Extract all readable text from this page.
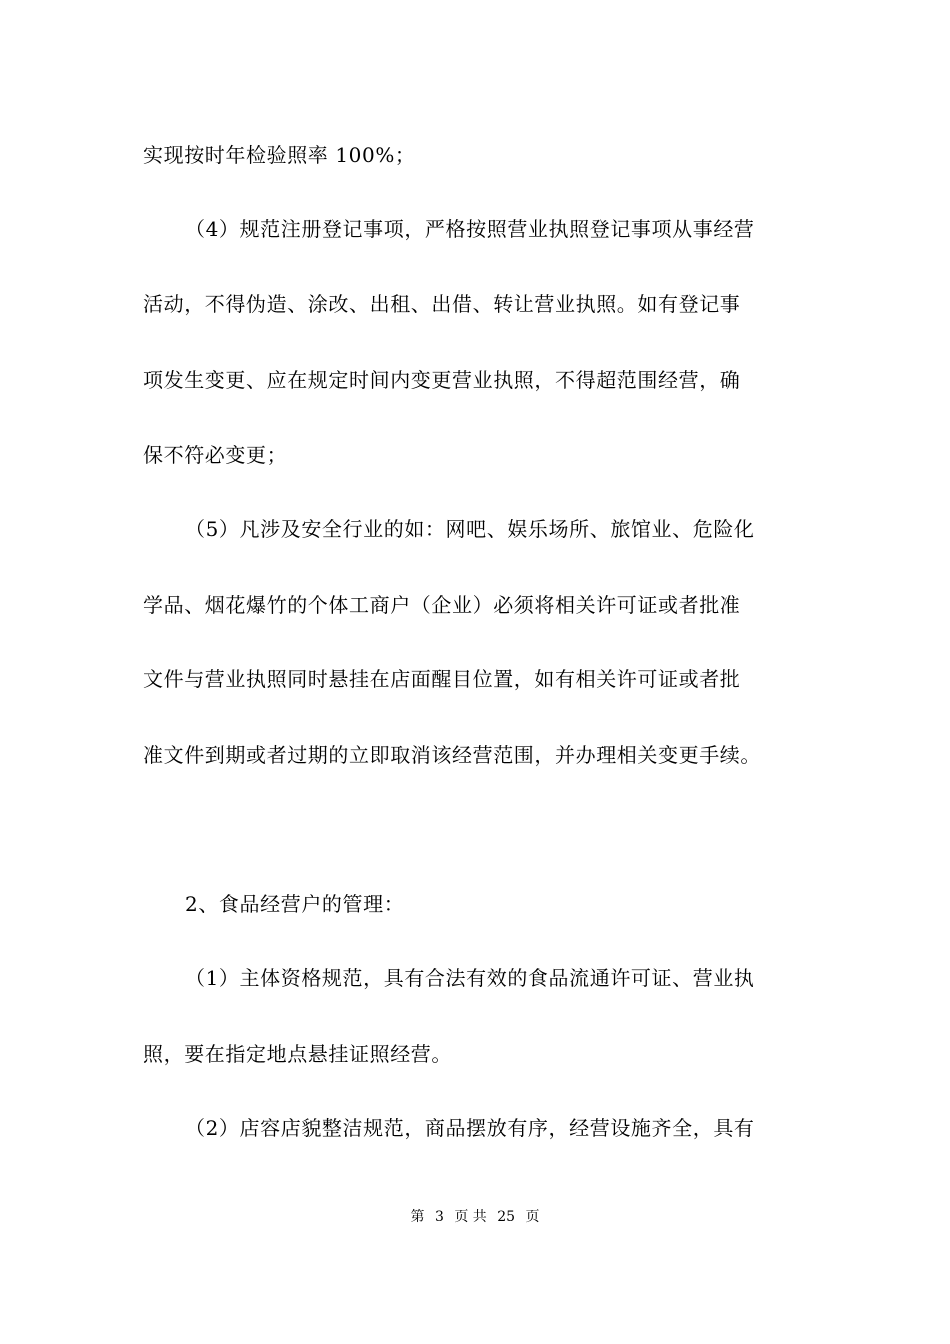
实现按时年检验照率 100%；
（4）规范注册登记事项，严格按照营业执照登记事项从事经营
活动，不得伪造、涂改、出租、出借、转让营业执照。如有登记事
项发生变更、应在规定时间内变更营业执照，不得超范围经营，确
保不符必变更；
（5）凡涉及安全行业的如：网吧、娱乐场所、旅馆业、危险化
学品、烟花爆竹的个体工商户（企业）必须将相关许可证或者批准
文件与营业执照同时悬挂在店面醒目位置，如有相关许可证或者批
准文件到期或者过期的立即取消该经营范围，并办理相关变更手续。
2、食品经营户的管理：
（1）主体资格规范，具有合法有效的食品流通许可证、营业执
照，要在指定地点悬挂证照经营。
（2）店容店貌整洁规范，商品摆放有序，经营设施齐全，具有
第 3 页 共 25 页
